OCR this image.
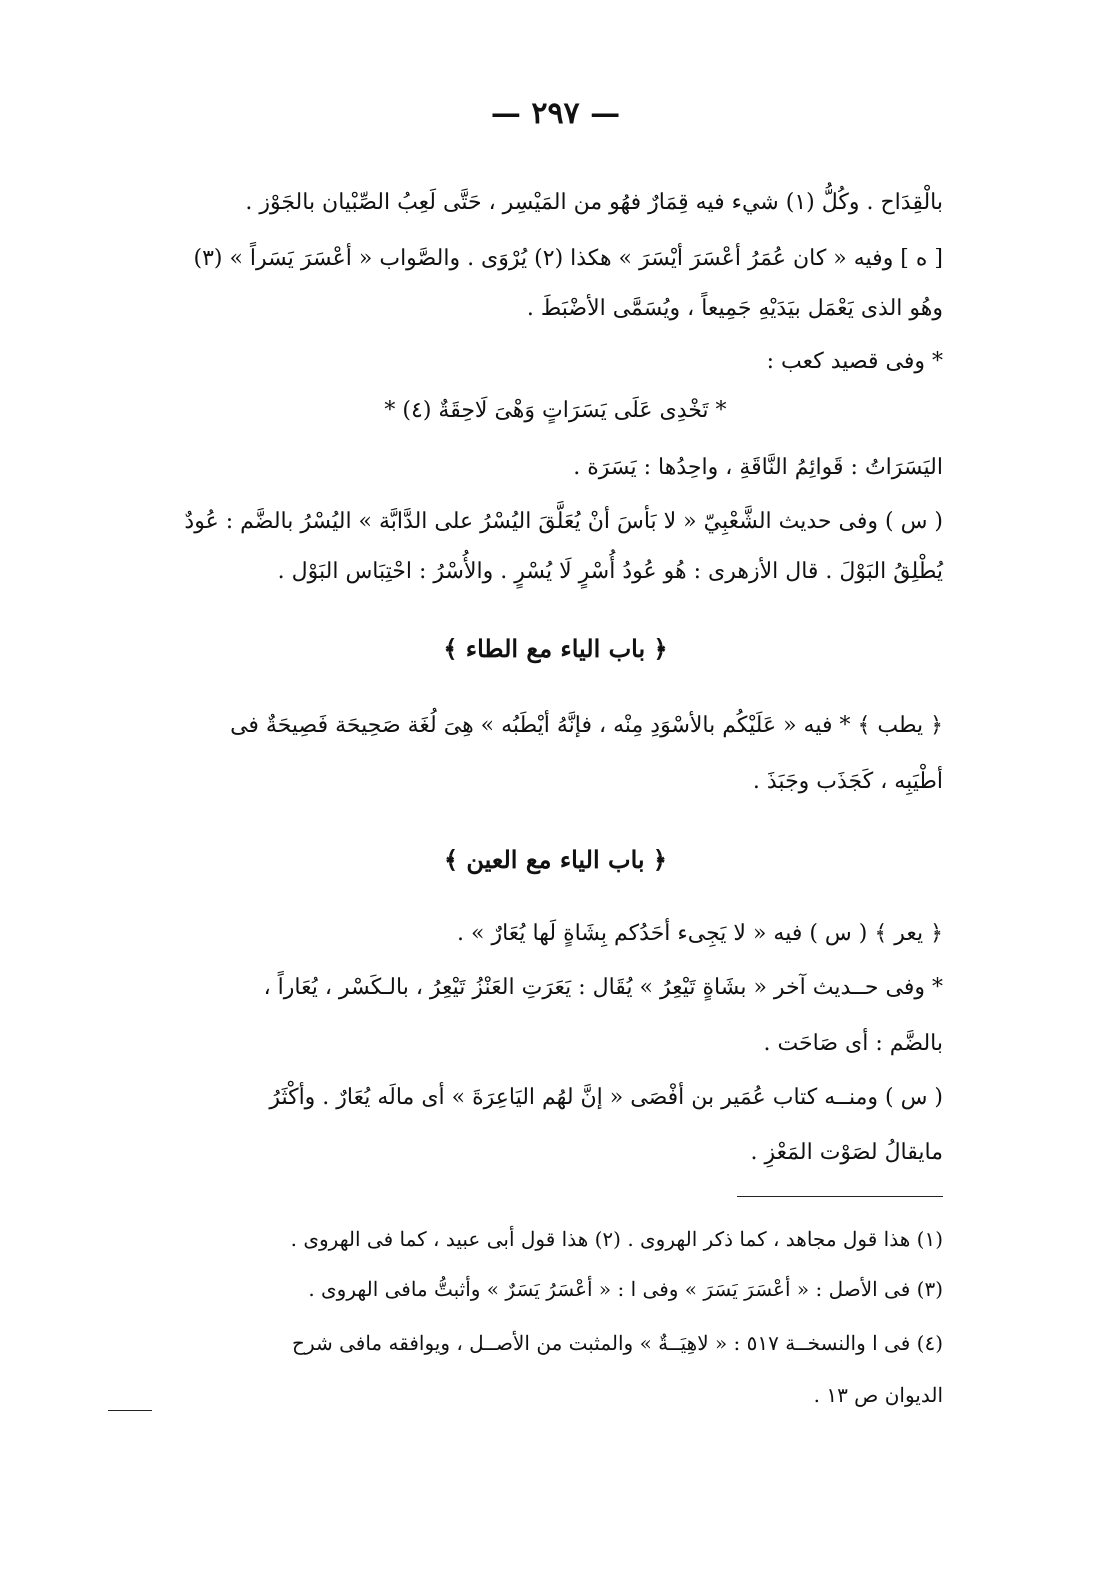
— ٢٩٧ —
بالْقِدَاح . وكُلُّ (١) شيء فيه قِمَارٌ فهُو من المَيْسِر ، حَتَّى لَعِبُ الصِّبْيان بالجَوْز .
[ ه ] وفيه « كان عُمَرُ أعْسَرَ أيْسَرَ » هكذا (٢) يُرْوَى . والصَّواب « أعْسَرَ يَسَراً » (٣)
وهُو الذى يَعْمَل بيَدَيْهِ جَمِيعاً ، ويُسَمَّى الأضْبَطَ .
* وفى قصيد كعب :
* تَخْدِى عَلَى يَسَرَاتٍ وَهْىَ لَاحِقَةٌ (٤) *
اليَسَرَاتُ : قَوائِمُ النَّاقَةِ ، واحِدُها : يَسَرَة .
( س ) وفى حديث الشَّعْبِيّ « لا بَأسَ أنْ يُعَلَّقَ اليُسْرُ على الدَّابَّة » اليُسْرُ بالضَّم : عُودٌ
يُطْلِقُ البَوْلَ . قال الأزهرى : هُو عُودُ أُسْرٍ لَا يُسْرٍ . والأُسْرُ : احْتِبَاس البَوْل .
﴿ باب الياء مع الطاء ﴾
﴿ يطب ﴾ * فيه « عَلَيْكُم بالأسْوَدِ مِنْه ، فإنَّهُ أيْطَبُه » هِىَ لُغَة صَحِيحَة فَصِيحَةٌ فى
أطْيَبِه ، كَجَذَب وجَبَذَ .
﴿ باب الياء مع العين ﴾
﴿ يعر ﴾ ( س ) فيه « لا يَجِىء أحَدُكم بِشَاةٍ لَها يُعَارٌ » .
* وفى حــديث آخر « بشَاةٍ تَيْعِرُ » يُقَال : يَعَرَتِ العَنْزُ تَيْعِرُ ، بالـكَسْر ، يُعَاراً ،
بالضَّم : أى صَاحَت .
( س ) ومنــه كتاب عُمَير بن أفْصَى « إنَّ لهُم اليَاعِرَةَ » أى مالَه يُعَارٌ . وأكْثَرُ
مايقالُ لصَوْت المَعْزِ .
(١) هذا قول مجاهد ، كما ذكر الهروى . (٢) هذا قول أبى عبيد ، كما فى الهروى .
(٣) فى الأصل : « أعْسَرَ يَسَرَ » وفى ا : « أعْسَرُ يَسَرٌ » وأثبتُّ مافى الهروى .
(٤) فى ا والنسخــة ٥١٧ : « لاهِيَــةٌ » والمثبت من الأصــل ، ويوافقه مافى شرح
الديوان ص ١٣ .
